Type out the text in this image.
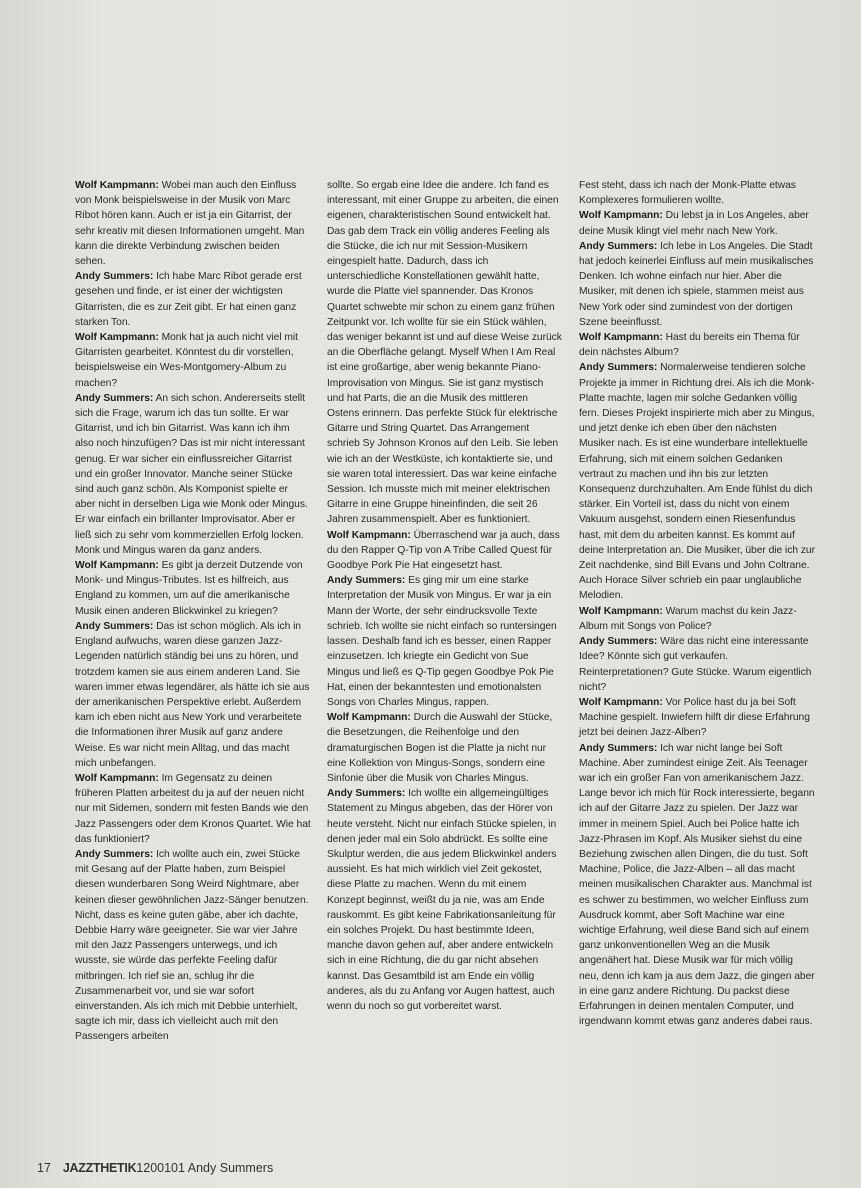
Wolf Kampmann: Wobei man auch den Einfluss von Monk beispielsweise in der Musik von Marc Ribot hören kann. Auch er ist ja ein Gitarrist, der sehr kreativ mit diesen Informationen umgeht. Man kann die direkte Verbindung zwischen beiden sehen.

Andy Summers: Ich habe Marc Ribot gerade erst gesehen und finde, er ist einer der wichtigsten Gitarristen, die es zur Zeit gibt. Er hat einen ganz starken Ton.

Wolf Kampmann: Monk hat ja auch nicht viel mit Gitarristen gearbeitet. Könntest du dir vorstellen, beispielsweise ein Wes-Montgomery-Album zu machen?

Andy Summers: An sich schon. Andererseits stellt sich die Frage, warum ich das tun sollte. Er war Gitarrist, und ich bin Gitarrist. Was kann ich ihm also noch hinzufügen? Das ist mir nicht interessant genug. Er war sicher ein einflussreicher Gitarrist und ein großer Innovator. Manche seiner Stücke sind auch ganz schön. Als Komponist spielte er aber nicht in derselben Liga wie Monk oder Mingus. Er war einfach ein brillanter Improvisator. Aber er ließ sich zu sehr vom kommerziellen Erfolg locken. Monk und Mingus waren da ganz anders.

Wolf Kampmann: Es gibt ja derzeit Dutzende von Monk- und Mingus-Tributes. Ist es hilfreich, aus England zu kommen, um auf die amerikanische Musik einen anderen Blickwinkel zu kriegen?

Andy Summers: Das ist schon möglich. Als ich in England aufwuchs, waren diese ganzen Jazz-Legenden natürlich ständig bei uns zu hören, und trotzdem kamen sie aus einem anderen Land. Sie waren immer etwas legendärer, als hätte ich sie aus der amerikanischen Perspektive erlebt. Außerdem kam ich eben nicht aus New York und verarbeitete die Informationen ihrer Musik auf ganz andere Weise. Es war nicht mein Alltag, und das macht mich unbefangen.

Wolf Kampmann: Im Gegensatz zu deinen früheren Platten arbeitest du ja auf der neuen nicht nur mit Sidemen, sondern mit festen Bands wie den Jazz Passengers oder dem Kronos Quartet. Wie hat das funktioniert?

Andy Summers: Ich wollte auch ein, zwei Stücke mit Gesang auf der Platte haben, zum Beispiel diesen wunderbaren Song Weird Nightmare, aber keinen dieser gewöhnlichen Jazz-Sänger benutzen. Nicht, dass es keine guten gäbe, aber ich dachte, Debbie Harry wäre geeigneter. Sie war vier Jahre mit den Jazz Passengers unterwegs, und ich wusste, sie würde das perfekte Feeling dafür mitbringen. Ich rief sie an, schlug ihr die Zusammenarbeit vor, und sie war sofort einverstanden. Als ich mich mit Debbie unterhielt, sagte ich mir, dass ich vielleicht auch mit den Passengers arbeiten

sollte. So ergab eine Idee die andere. Ich fand es interessant, mit einer Gruppe zu arbeiten, die einen eigenen, charakteristischen Sound entwickelt hat. Das gab dem Track ein völlig anderes Feeling als die Stücke, die ich nur mit Session-Musikern eingespielt hatte. Dadurch, dass ich unterschiedliche Konstellationen gewählt hatte, wurde die Platte viel spannender. Das Kronos Quartet schwebte mir schon zu einem ganz frühen Zeitpunkt vor. Ich wollte für sie ein Stück wählen, das weniger bekannt ist und auf diese Weise zurück an die Oberfläche gelangt. Myself When I Am Real ist eine großartige, aber wenig bekannte Piano-Improvisation von Mingus. Sie ist ganz mystisch und hat Parts, die an die Musik des mittleren Ostens erinnern. Das perfekte Stück für elektrische Gitarre und String Quartet. Das Arrangement schrieb Sy Johnson Kronos auf den Leib. Sie leben wie ich an der Westküste, ich kontaktierte sie, und sie waren total interessiert. Das war keine einfache Session. Ich musste mich mit meiner elektrischen Gitarre in eine Gruppe hineinfinden, die seit 26 Jahren zusammenspielt. Aber es funktioniert.

Wolf Kampmann: Überraschend war ja auch, dass du den Rapper Q-Tip von A Tribe Called Quest für Goodbye Pork Pie Hat eingesetzt hast.

Andy Summers: Es ging mir um eine starke Interpretation der Musik von Mingus. Er war ja ein Mann der Worte, der sehr eindrucksvolle Texte schrieb. Ich wollte sie nicht einfach so runtersingen lassen. Deshalb fand ich es besser, einen Rapper einzusetzen. Ich kriegte ein Gedicht von Sue Mingus und ließ es Q-Tip gegen Goodbye Pok Pie Hat, einen der bekanntesten und emotionalsten Songs von Charles Mingus, rappen.

Wolf Kampmann: Durch die Auswahl der Stücke, die Besetzungen, die Reihenfolge und den dramaturgischen Bogen ist die Platte ja nicht nur eine Kollektion von Mingus-Songs, sondern eine Sinfonie über die Musik von Charles Mingus.

Andy Summers: Ich wollte ein allgemeingültiges Statement zu Mingus abgeben, das der Hörer von heute versteht. Nicht nur einfach Stücke spielen, in denen jeder mal ein Solo abdrückt. Es sollte eine Skulptur werden, die aus jedem Blickwinkel anders aussieht. Es hat mich wirklich viel Zeit gekostet, diese Platte zu machen. Wenn du mit einem Konzept beginnst, weißt du ja nie, was am Ende rauskommt. Es gibt keine Fabrikationsanleitung für ein solches Projekt. Du hast bestimmte Ideen, manche davon gehen auf, aber andere entwickeln sich in eine Richtung, die du gar nicht absehen kannst. Das Gesamtbild ist am Ende ein völlig anderes, als du zu Anfang vor Augen hattest, auch wenn du noch so gut vorbereitet warst.

Fest steht, dass ich nach der Monk-Platte etwas Komplexeres formulieren wollte.

Wolf Kampmann: Du lebst ja in Los Angeles, aber deine Musik klingt viel mehr nach New York.

Andy Summers: Ich lebe in Los Angeles. Die Stadt hat jedoch keinerlei Einfluss auf mein musikalisches Denken. Ich wohne einfach nur hier. Aber die Musiker, mit denen ich spiele, stammen meist aus New York oder sind zumindest von der dortigen Szene beeinflusst.

Wolf Kampmann: Hast du bereits ein Thema für dein nächstes Album?

Andy Summers: Normalerweise tendieren solche Projekte ja immer in Richtung drei. Als ich die Monk-Platte machte, lagen mir solche Gedanken völlig fern. Dieses Projekt inspirierte mich aber zu Mingus, und jetzt denke ich eben über den nächsten Musiker nach. Es ist eine wunderbare intellektuelle Erfahrung, sich mit einem solchen Gedanken vertraut zu machen und ihn bis zur letzten Konsequenz durchzuhalten. Am Ende fühlst du dich stärker. Ein Vorteil ist, dass du nicht von einem Vakuum ausgehst, sondern einen Riesenfundus hast, mit dem du arbeiten kannst. Es kommt auf deine Interpretation an. Die Musiker, über die ich zur Zeit nachdenke, sind Bill Evans und John Coltrane. Auch Horace Silver schrieb ein paar unglaubliche Melodien.

Wolf Kampmann: Warum machst du kein Jazz-Album mit Songs von Police?

Andy Summers: Wäre das nicht eine interessante Idee? Könnte sich gut verkaufen. Reinterpretationen? Gute Stücke. Warum eigentlich nicht?

Wolf Kampmann: Vor Police hast du ja bei Soft Machine gespielt. Inwiefern hilft dir diese Erfahrung jetzt bei deinen Jazz-Alben?

Andy Summers: Ich war nicht lange bei Soft Machine. Aber zumindest einige Zeit. Als Teenager war ich ein großer Fan von amerikanischem Jazz. Lange bevor ich mich für Rock interessierte, begann ich auf der Gitarre Jazz zu spielen. Der Jazz war immer in meinem Spiel. Auch bei Police hatte ich Jazz-Phrasen im Kopf. Als Musiker siehst du eine Beziehung zwischen allen Dingen, die du tust. Soft Machine, Police, die Jazz-Alben – all das macht meinen musikalischen Charakter aus. Manchmal ist es schwer zu bestimmen, wo welcher Einfluss zum Ausdruck kommt, aber Soft Machine war eine wichtige Erfahrung, weil diese Band sich auf einem ganz unkonventionellen Weg an die Musik angenähert hat. Diese Musik war für mich völlig neu, denn ich kam ja aus dem Jazz, die gingen aber in eine ganz andere Richtung. Du packst diese Erfahrungen in deinen mentalen Computer, und irgendwann kommt etwas ganz anderes dabei raus.

17 JAZZTHETIK1200101 Andy Summers
